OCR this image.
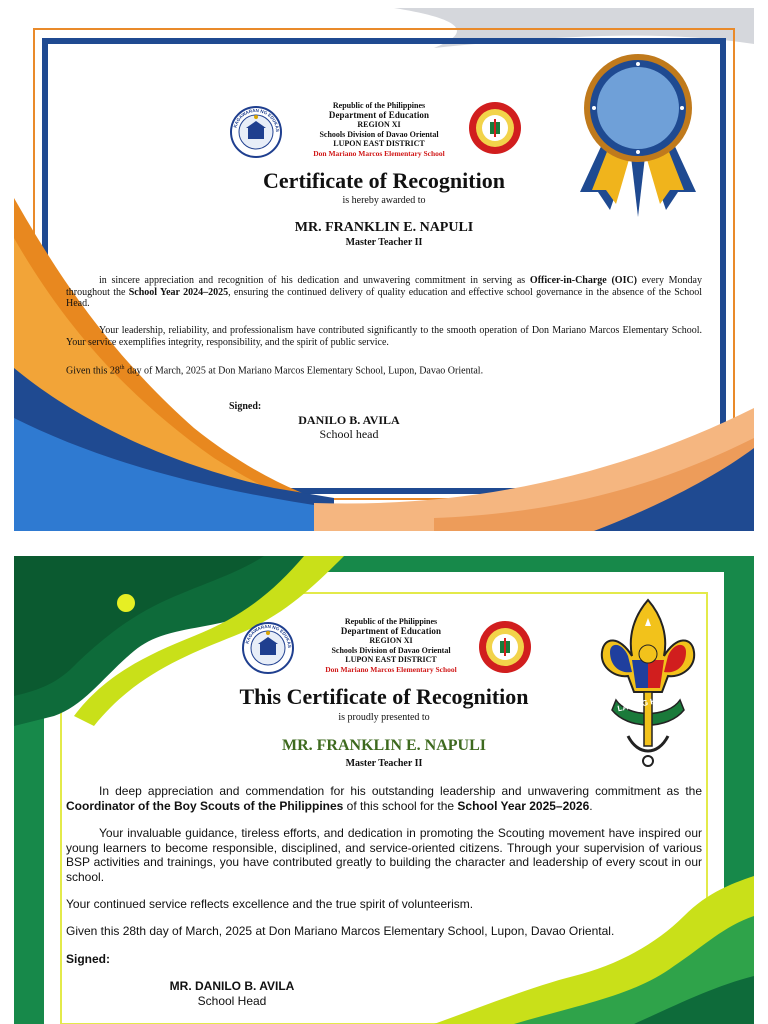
Republic of the Philippines
Department of Education
REGION XI
Schools Division of Davao Oriental
LUPON EAST DISTRICT
Don Mariano Marcos Elementary School
Certificate of Recognition
is hereby awarded to
MR. FRANKLIN E. NAPULI
Master Teacher II
in sincere appreciation and recognition of his dedication and unwavering commitment in serving as Officer-in-Charge (OIC) every Monday throughout the School Year 2024–2025, ensuring the continued delivery of quality education and effective school governance in the absence of the School Head.
Your leadership, reliability, and professionalism have contributed significantly to the smooth operation of Don Mariano Marcos Elementary School. Your service exemplifies integrity, responsibility, and the spirit of public service.
Given this 28th day of March, 2025 at Don Mariano Marcos Elementary School, Lupon, Davao Oriental.
Signed:
DANILO B. AVILA
School head
Republic of the Philippines
Department of Education
REGION XI
Schools Division of Davao Oriental
LUPON EAST DISTRICT
Don Mariano Marcos Elementary School
LAGING HANDA
This Certificate of Recognition
is proudly presented to
MR. FRANKLIN E. NAPULI
Master Teacher II
In deep appreciation and commendation for his outstanding leadership and unwavering commitment as the Coordinator of the Boy Scouts of the Philippines of this school for the School Year 2025–2026.
Your invaluable guidance, tireless efforts, and dedication in promoting the Scouting movement have inspired our young learners to become responsible, disciplined, and service-oriented citizens. Through your supervision of various BSP activities and trainings, you have contributed greatly to building the character and leadership of every scout in our school.
Your continued service reflects excellence and the true spirit of volunteerism.
Given this 28th day of March, 2025 at Don Mariano Marcos Elementary School, Lupon, Davao Oriental.
Signed:
MR. DANILO B. AVILA
School Head
KAGAWARAN NG EDUKAS
KAGAWARAN NG EDUKAS
